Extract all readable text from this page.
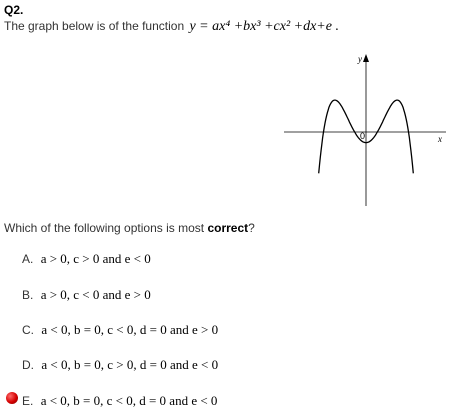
Q2.
The graph below is of the function y = ax⁴ +bx³ +cx² +dx+e .
y
x
0
Which of the following options is most correct?
A. a > 0, c > 0 and e < 0
B. a > 0, c < 0 and e > 0
C. a < 0, b = 0, c < 0, d = 0 and e > 0
D. a < 0, b = 0, c > 0, d = 0 and e < 0
E. a < 0, b = 0, c < 0, d = 0 and e < 0
